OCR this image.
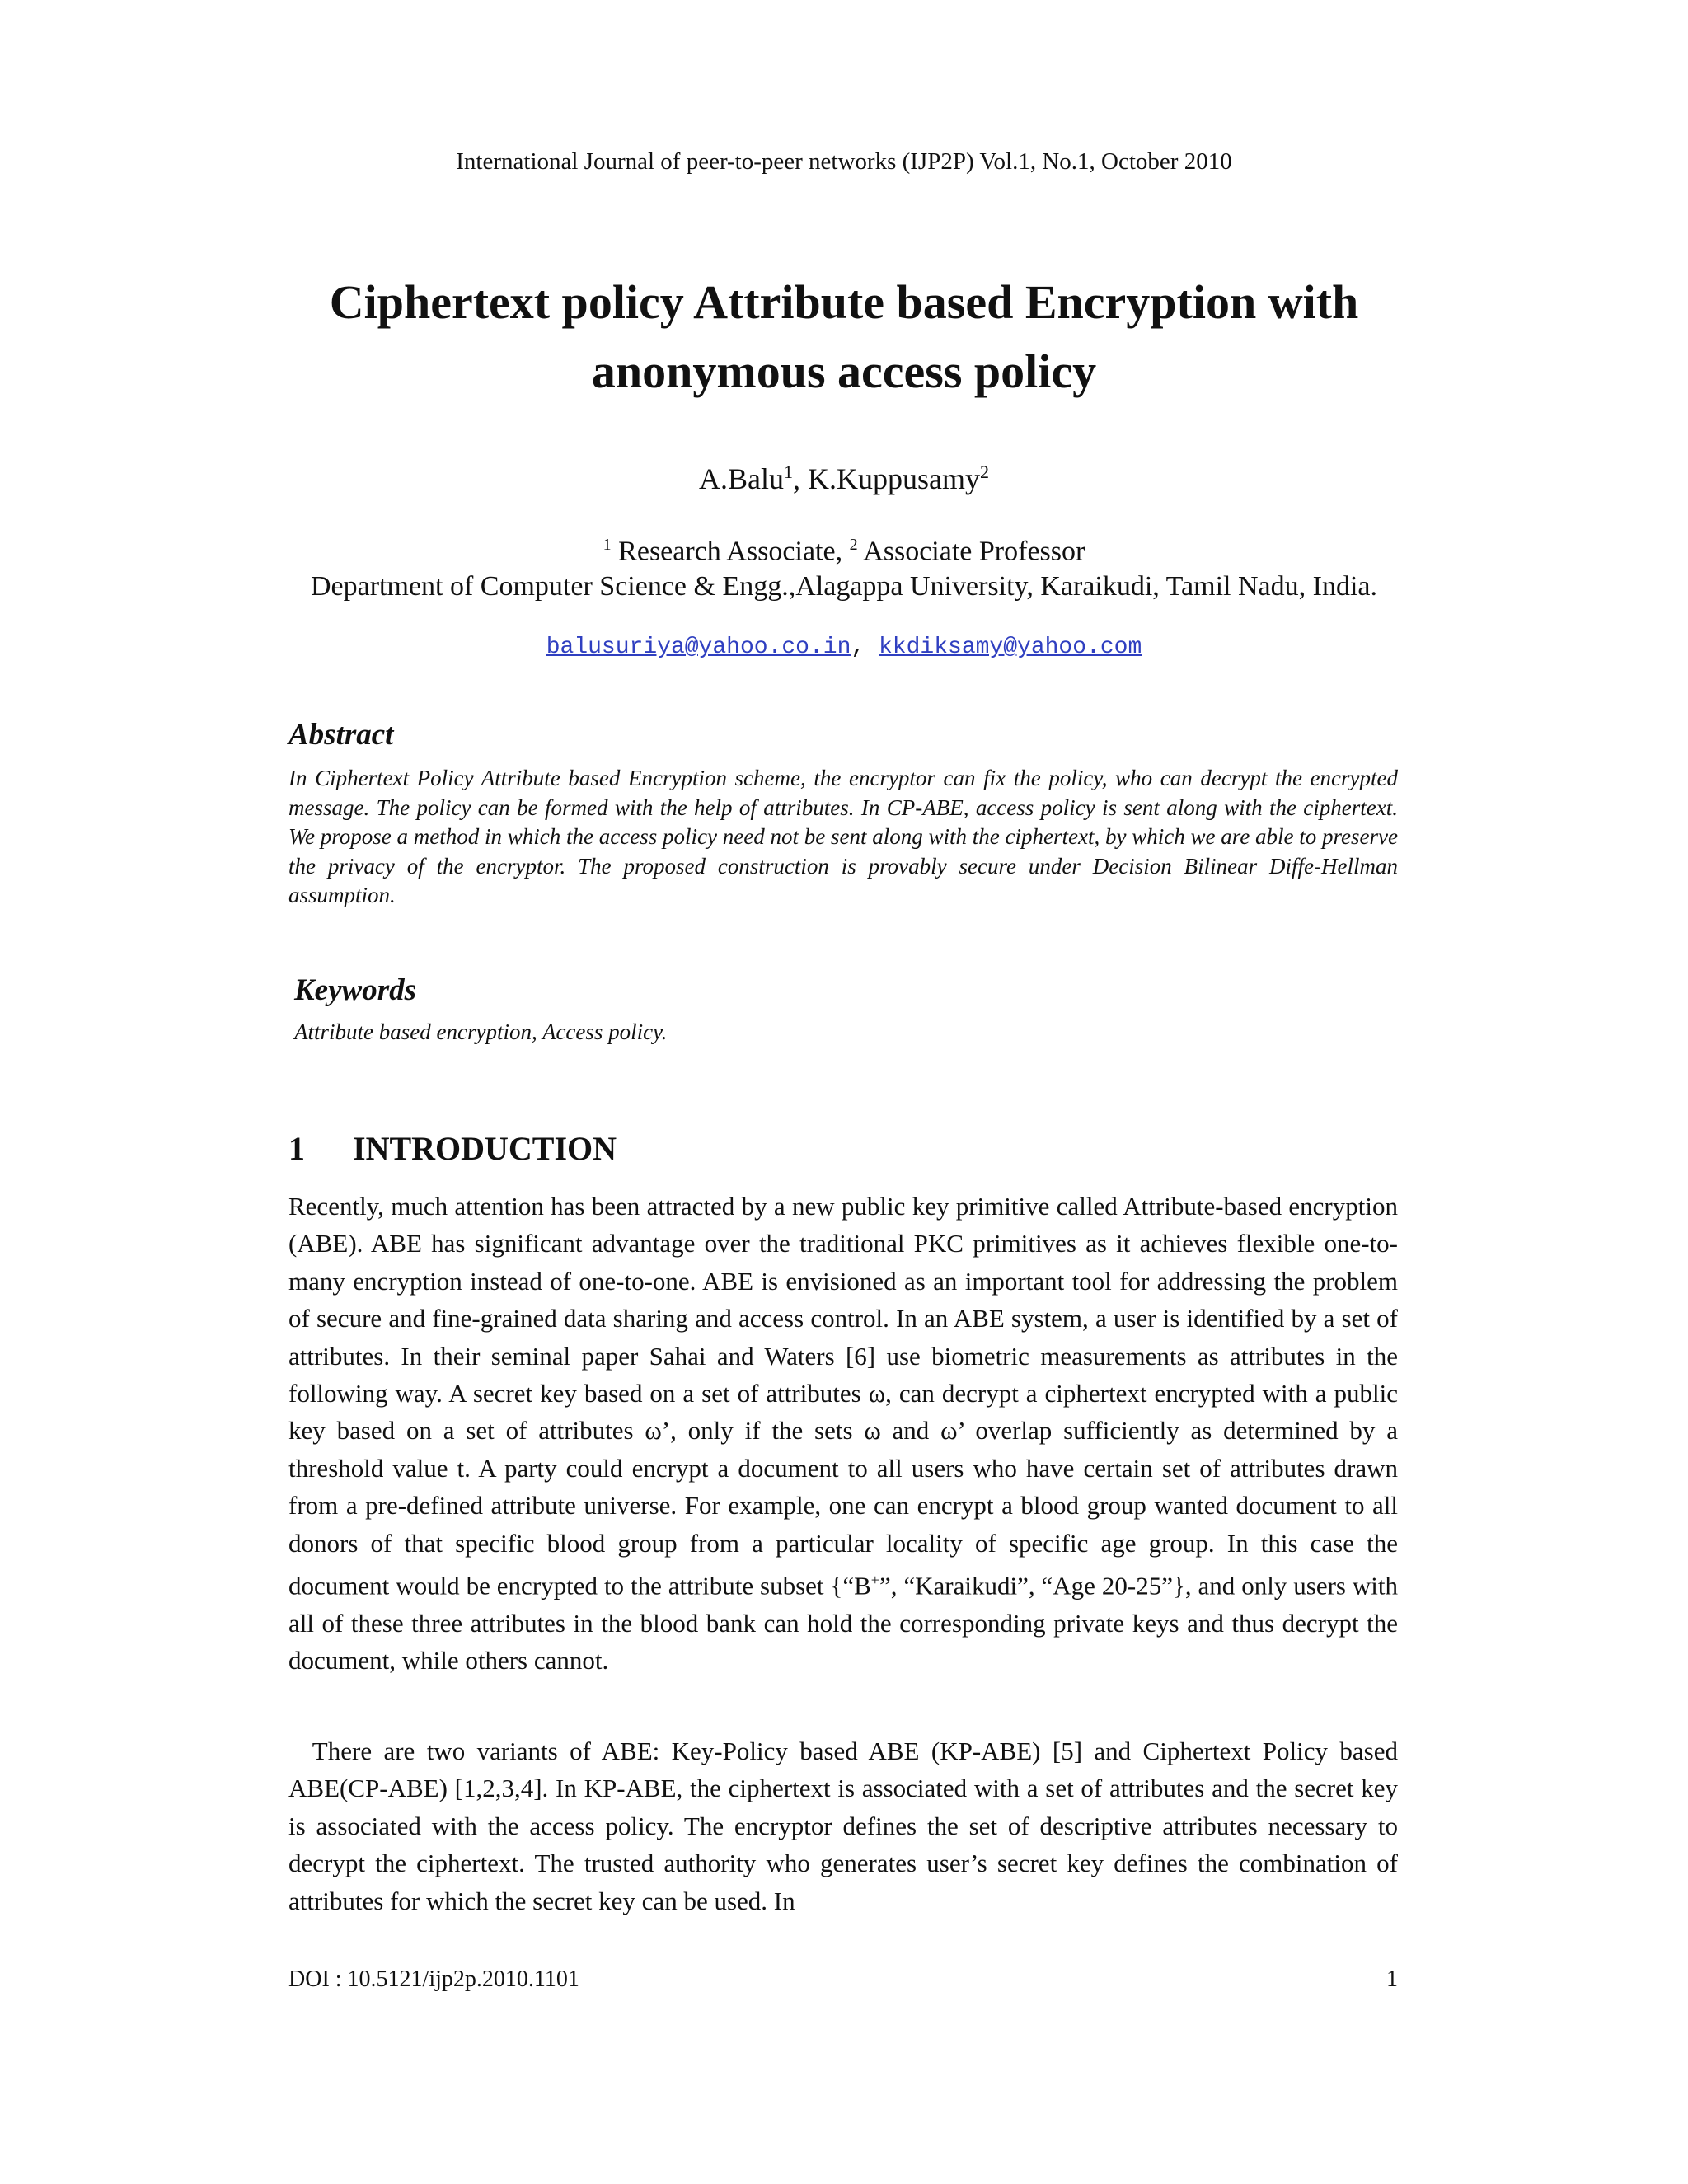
International Journal of peer-to-peer networks (IJP2P) Vol.1, No.1, October 2010
Ciphertext policy Attribute based Encryption with anonymous access policy
A.Balu$^1$, K.Kuppusamy$^2$
$^1$ Research Associate, $^2$ Associate Professor
Department of Computer Science & Engg.,Alagappa University, Karaikudi, Tamil Nadu, India.
balusuriya@yahoo.co.in, kkdiksamy@yahoo.com
Abstract

In Ciphertext Policy Attribute based Encryption scheme, the encryptor can fix the policy, who can decrypt the encrypted message. The policy can be formed with the help of attributes. In CP-ABE, access policy is sent along with the ciphertext. We propose a method in which the access policy need not be sent along with the ciphertext, by which we are able to preserve the privacy of the encryptor. The proposed construction is provably secure under Decision Bilinear Diffe-Hellman assumption.

Keywords

Attribute based encryption, Access policy.

1 INTRODUCTION

Recently, much attention has been attracted by a new public key primitive called Attribute-based encryption (ABE). ABE has significant advantage over the traditional PKC primitives as it achieves flexible one-to-many encryption instead of one-to-one. ABE is envisioned as an important tool for addressing the problem of secure and fine-grained data sharing and access control. In an ABE system, a user is identified by a set of attributes. In their seminal paper Sahai and Waters [6] use biometric measurements as attributes in the following way. A secret key based on a set of attributes ω, can decrypt a ciphertext encrypted with a public key based on a set of attributes ω’, only if the sets ω and ω’ overlap sufficiently as determined by a threshold value t. A party could encrypt a document to all users who have certain set of attributes drawn from a pre-defined attribute universe. For example, one can encrypt a blood group wanted document to all donors of that specific blood group from a particular locality of specific age group. In this case the document would be encrypted to the attribute subset {“B+”, “Karaikudi”, “Age 20-25”}, and only users with all of these three attributes in the blood bank can hold the corresponding private keys and thus decrypt the document, while others cannot.

There are two variants of ABE: Key-Policy based ABE (KP-ABE) [5] and Ciphertext Policy based ABE(CP-ABE) [1,2,3,4]. In KP-ABE, the ciphertext is associated with a set of attributes and the secret key is associated with the access policy. The encryptor defines the set of descriptive attributes necessary to decrypt the ciphertext. The trusted authority who generates user’s secret key defines the combination of attributes for which the secret key can be used. In

DOI : 10.5121/ijp2p.2010.1101	1
